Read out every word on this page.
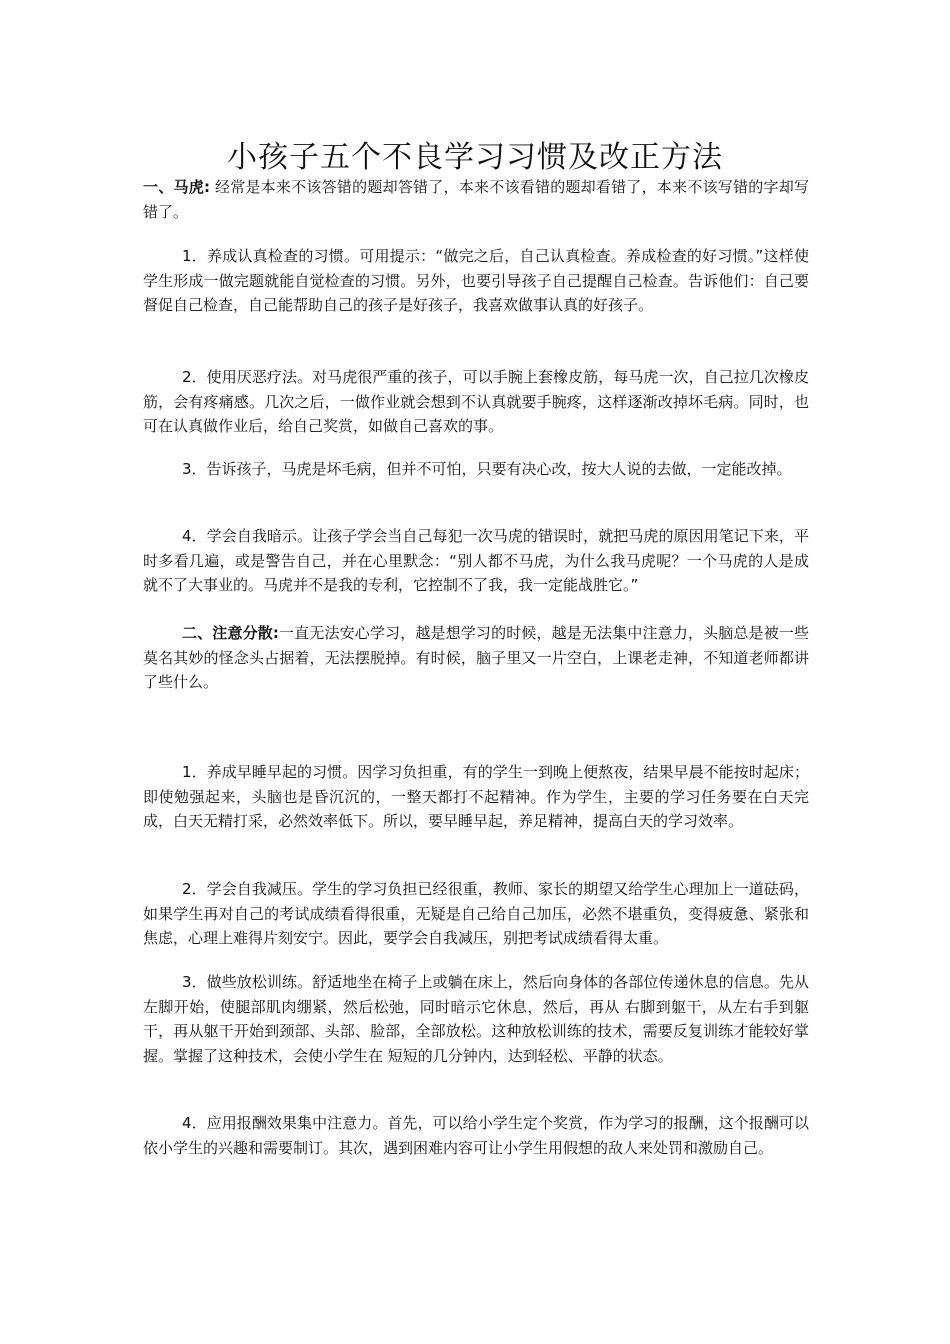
小孩子五个不良学习习惯及改正方法

一、马虎: 经常是本来不该答错的题却答错了，本来不该看错的题却看错了，本来不该写错的字却写错了。

1．养成认真检查的习惯。可用提示：“做完之后，自己认真检查。养成检查的好习惯。”这样使学生形成一做完题就能自觉检查的习惯。另外，也要引导孩子自己提醒自己检查。告诉他们：自己要督促自己检查，自己能帮助自己的孩子是好孩子，我喜欢做事认真的好孩子。

2．使用厌恶疗法。对马虎很严重的孩子，可以手腕上套橡皮筋，每马虎一次，自己拉几次橡皮筋，会有疼痛感。几次之后，一做作业就会想到不认真就要手腕疼，这样逐渐改掉坏毛病。同时，也可在认真做作业后，给自己奖赏，如做自己喜欢的事。

3．告诉孩子，马虎是坏毛病，但并不可怕，只要有决心改，按大人说的去做，一定能改掉。

4．学会自我暗示。让孩子学会当自己每犯一次马虎的错误时，就把马虎的原因用笔记下来，平时多看几遍，或是警告自己，并在心里默念：“别人都不马虎，为什么我马虎呢？一个马虎的人是成就不了大事业的。马虎并不是我的专利，它控制不了我，我一定能战胜它。”

二、注意分散:一直无法安心学习，越是想学习的时候，越是无法集中注意力，头脑总是被一些莫名其妙的怪念头占据着，无法摆脱掉。有时候，脑子里又一片空白，上课老走神，不知道老师都讲了些什么。

1．养成早睡早起的习惯。因学习负担重，有的学生一到晚上便熬夜，结果早晨不能按时起床；即使勉强起来，头脑也是昏沉沉的，一整天都打不起精神。作为学生，主要的学习任务要在白天完成，白天无精打采，必然效率低下。所以，要早睡早起，养足精神，提高白天的学习效率。

2．学会自我减压。学生的学习负担已经很重，教师、家长的期望又给学生心理加上一道砝码，如果学生再对自己的考试成绩看得很重，无疑是自己给自己加压，必然不堪重负，变得疲惫、紧张和焦虑，心理上难得片刻安宁。因此，要学会自我减压，别把考试成绩看得太重。

3．做些放松训练。舒适地坐在椅子上或躺在床上，然后向身体的各部位传递休息的信息。先从左脚开始，使腿部肌肉绷紧，然后松弛，同时暗示它休息，然后，再从 右脚到躯干，从左右手到躯干，再从躯干开始到颈部、头部、脸部，全部放松。这种放松训练的技术，需要反复训练才能较好掌握。掌握了这种技术，会使小学生在 短短的几分钟内，达到轻松、平静的状态。

4．应用报酬效果集中注意力。首先，可以给小学生定个奖赏，作为学习的报酬，这个报酬可以依小学生的兴趣和需要制订。其次，遇到困难内容可让小学生用假想的敌人来处罚和激励自己。
